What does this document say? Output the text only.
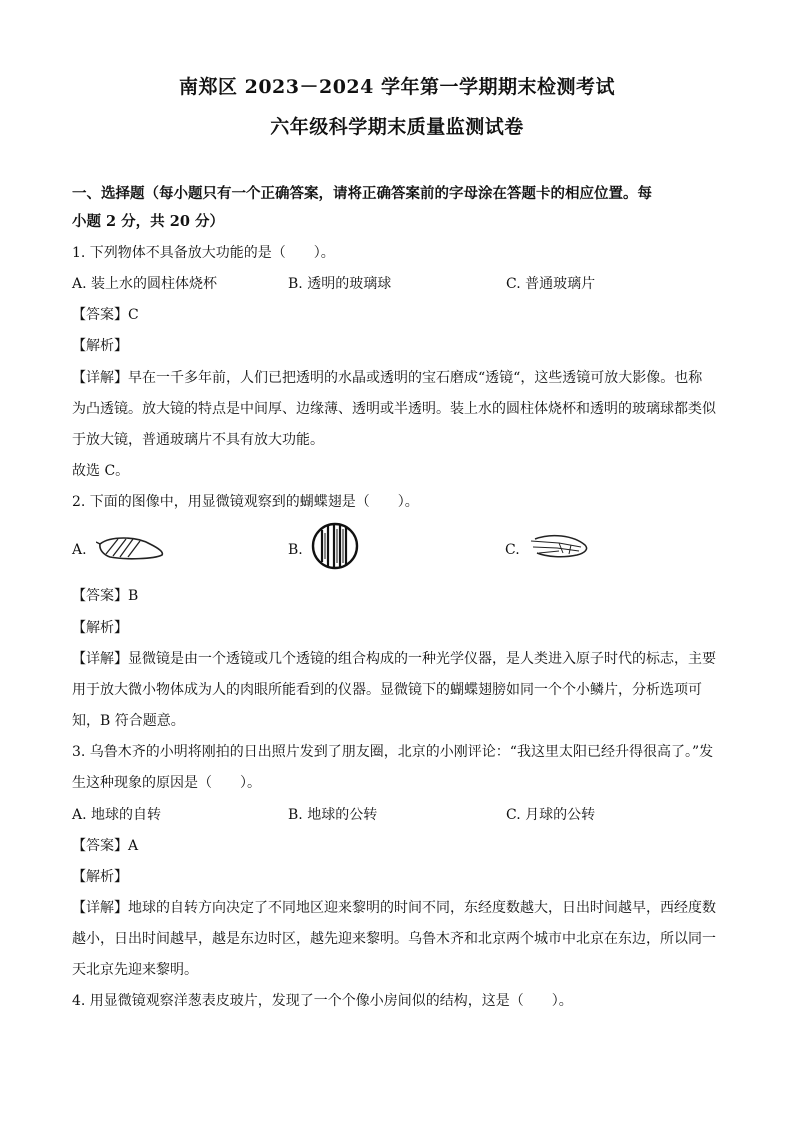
南郑区 2023－2024 学年第一学期期末检测考试
六年级科学期末质量监测试卷
一、选择题（每小题只有一个正确答案，请将正确答案前的字母涂在答题卡的相应位置。每
小题 2 分，共 20 分）
1. 下列物体不具备放大功能的是（　　）。
A. 装上水的圆柱体烧杯	B. 透明的玻璃球	C. 普通玻璃片
【答案】C
【解析】
【详解】早在一千多年前，人们已把透明的水晶或透明的宝石磨成“透镜“，这些透镜可放大影像。也称
为凸透镜。放大镜的特点是中间厚、边缘薄、透明或半透明。装上水的圆柱体烧杯和透明的玻璃球都类似
于放大镜，普通玻璃片不具有放大功能。
故选 C。
2. 下面的图像中，用显微镜观察到的蝴蝶翅是（　　）。
A.	B.	C.
【答案】B
【解析】
【详解】显微镜是由一个透镜或几个透镜的组合构成的一种光学仪器，是人类进入原子时代的标志，主要
用于放大微小物体成为人的肉眼所能看到的仪器。显微镜下的蝴蝶翅膀如同一个个小鳞片，分析选项可
知，B 符合题意。
3. 乌鲁木齐的小明将刚拍的日出照片发到了朋友圈，北京的小刚评论：“我这里太阳已经升得很高了。”发
生这种现象的原因是（　　）。
A. 地球的自转	B. 地球的公转	C. 月球的公转
【答案】A
【解析】
【详解】地球的自转方向决定了不同地区迎来黎明的时间不同，东经度数越大，日出时间越早，西经度数
越小，日出时间越早，越是东边时区，越先迎来黎明。乌鲁木齐和北京两个城市中北京在东边，所以同一
天北京先迎来黎明。
4. 用显微镜观察洋葱表皮玻片，发现了一个个像小房间似的结构，这是（　　）。
